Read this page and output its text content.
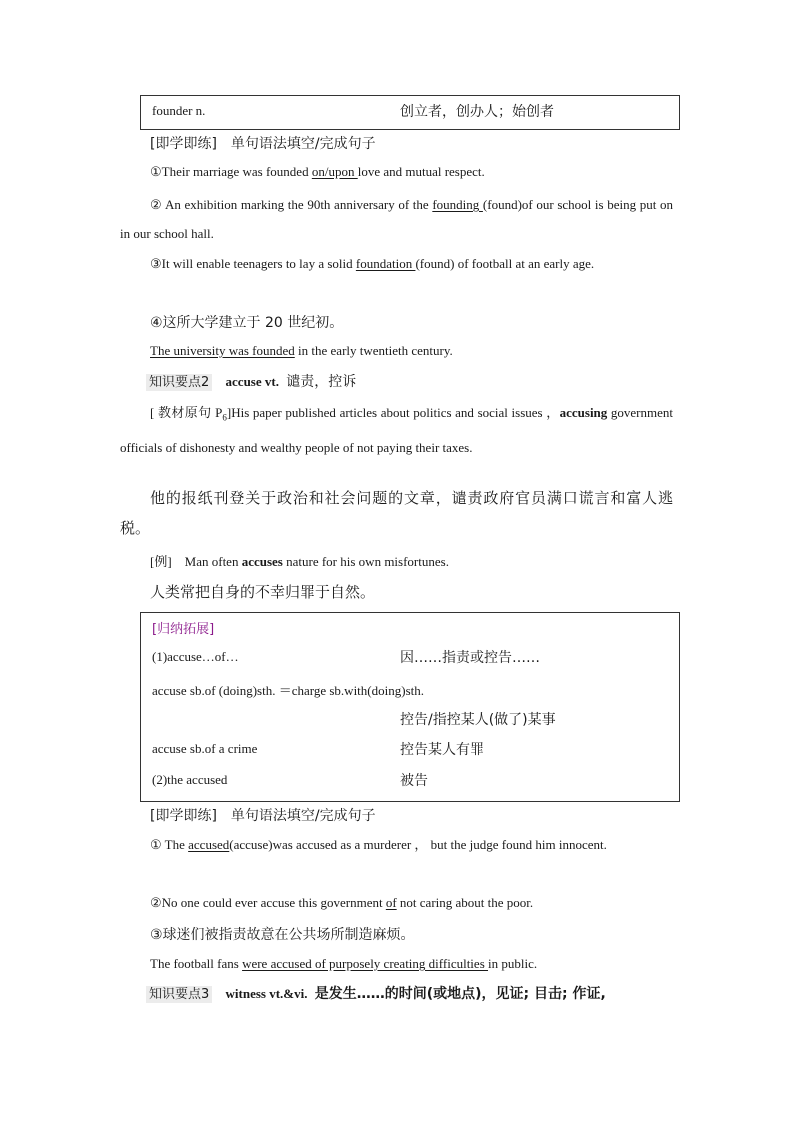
founder n.	创立者，创办人；始创者
[即学即练]　单句语法填空/完成句子
①Their marriage was founded on/upon love and mutual respect.
② An exhibition marking the 90th anniversary of the founding (found)of our school is being put on in our school hall.
③It will enable teenagers to lay a solid foundation (found) of football at an early age.
④这所大学建立于 20 世纪初。
The university was founded in the early twentieth century.
知识要点2 accuse vt. 谴责，控诉
[ 教材原句 $P_6]His$ paper published articles about politics and social issues ，accusing government officials of dishonesty and wealthy people of not paying their taxes.
他的报纸刊登关于政治和社会问题的文章，谴责政府官员满口谎言和富人逃税。
[例]　Man often accuses nature for his own misfortunes.
人类常把自身的不幸归罪于自然。
[归纳拓展]
(1)accuse…of…	因……指责或控告……
accuse sb.of (doing)sth. ＝charge sb.with(doing)sth.
控告/指控某人(做了)某事
accuse sb.of a crime	控告某人有罪
(2)the accused	被告
[即学即练]　单句语法填空/完成句子
① The accused(accuse)was accused as a murderer ， but the judge found him innocent.
②No one could ever accuse this government of not caring about the poor.
③球迷们被指责故意在公共场所制造麻烦。
The football fans were accused of purposely creating difficulties in public.
知识要点3 witness vt.&vi. 是发生……的时间(或地点)，见证; 目击; 作证,
